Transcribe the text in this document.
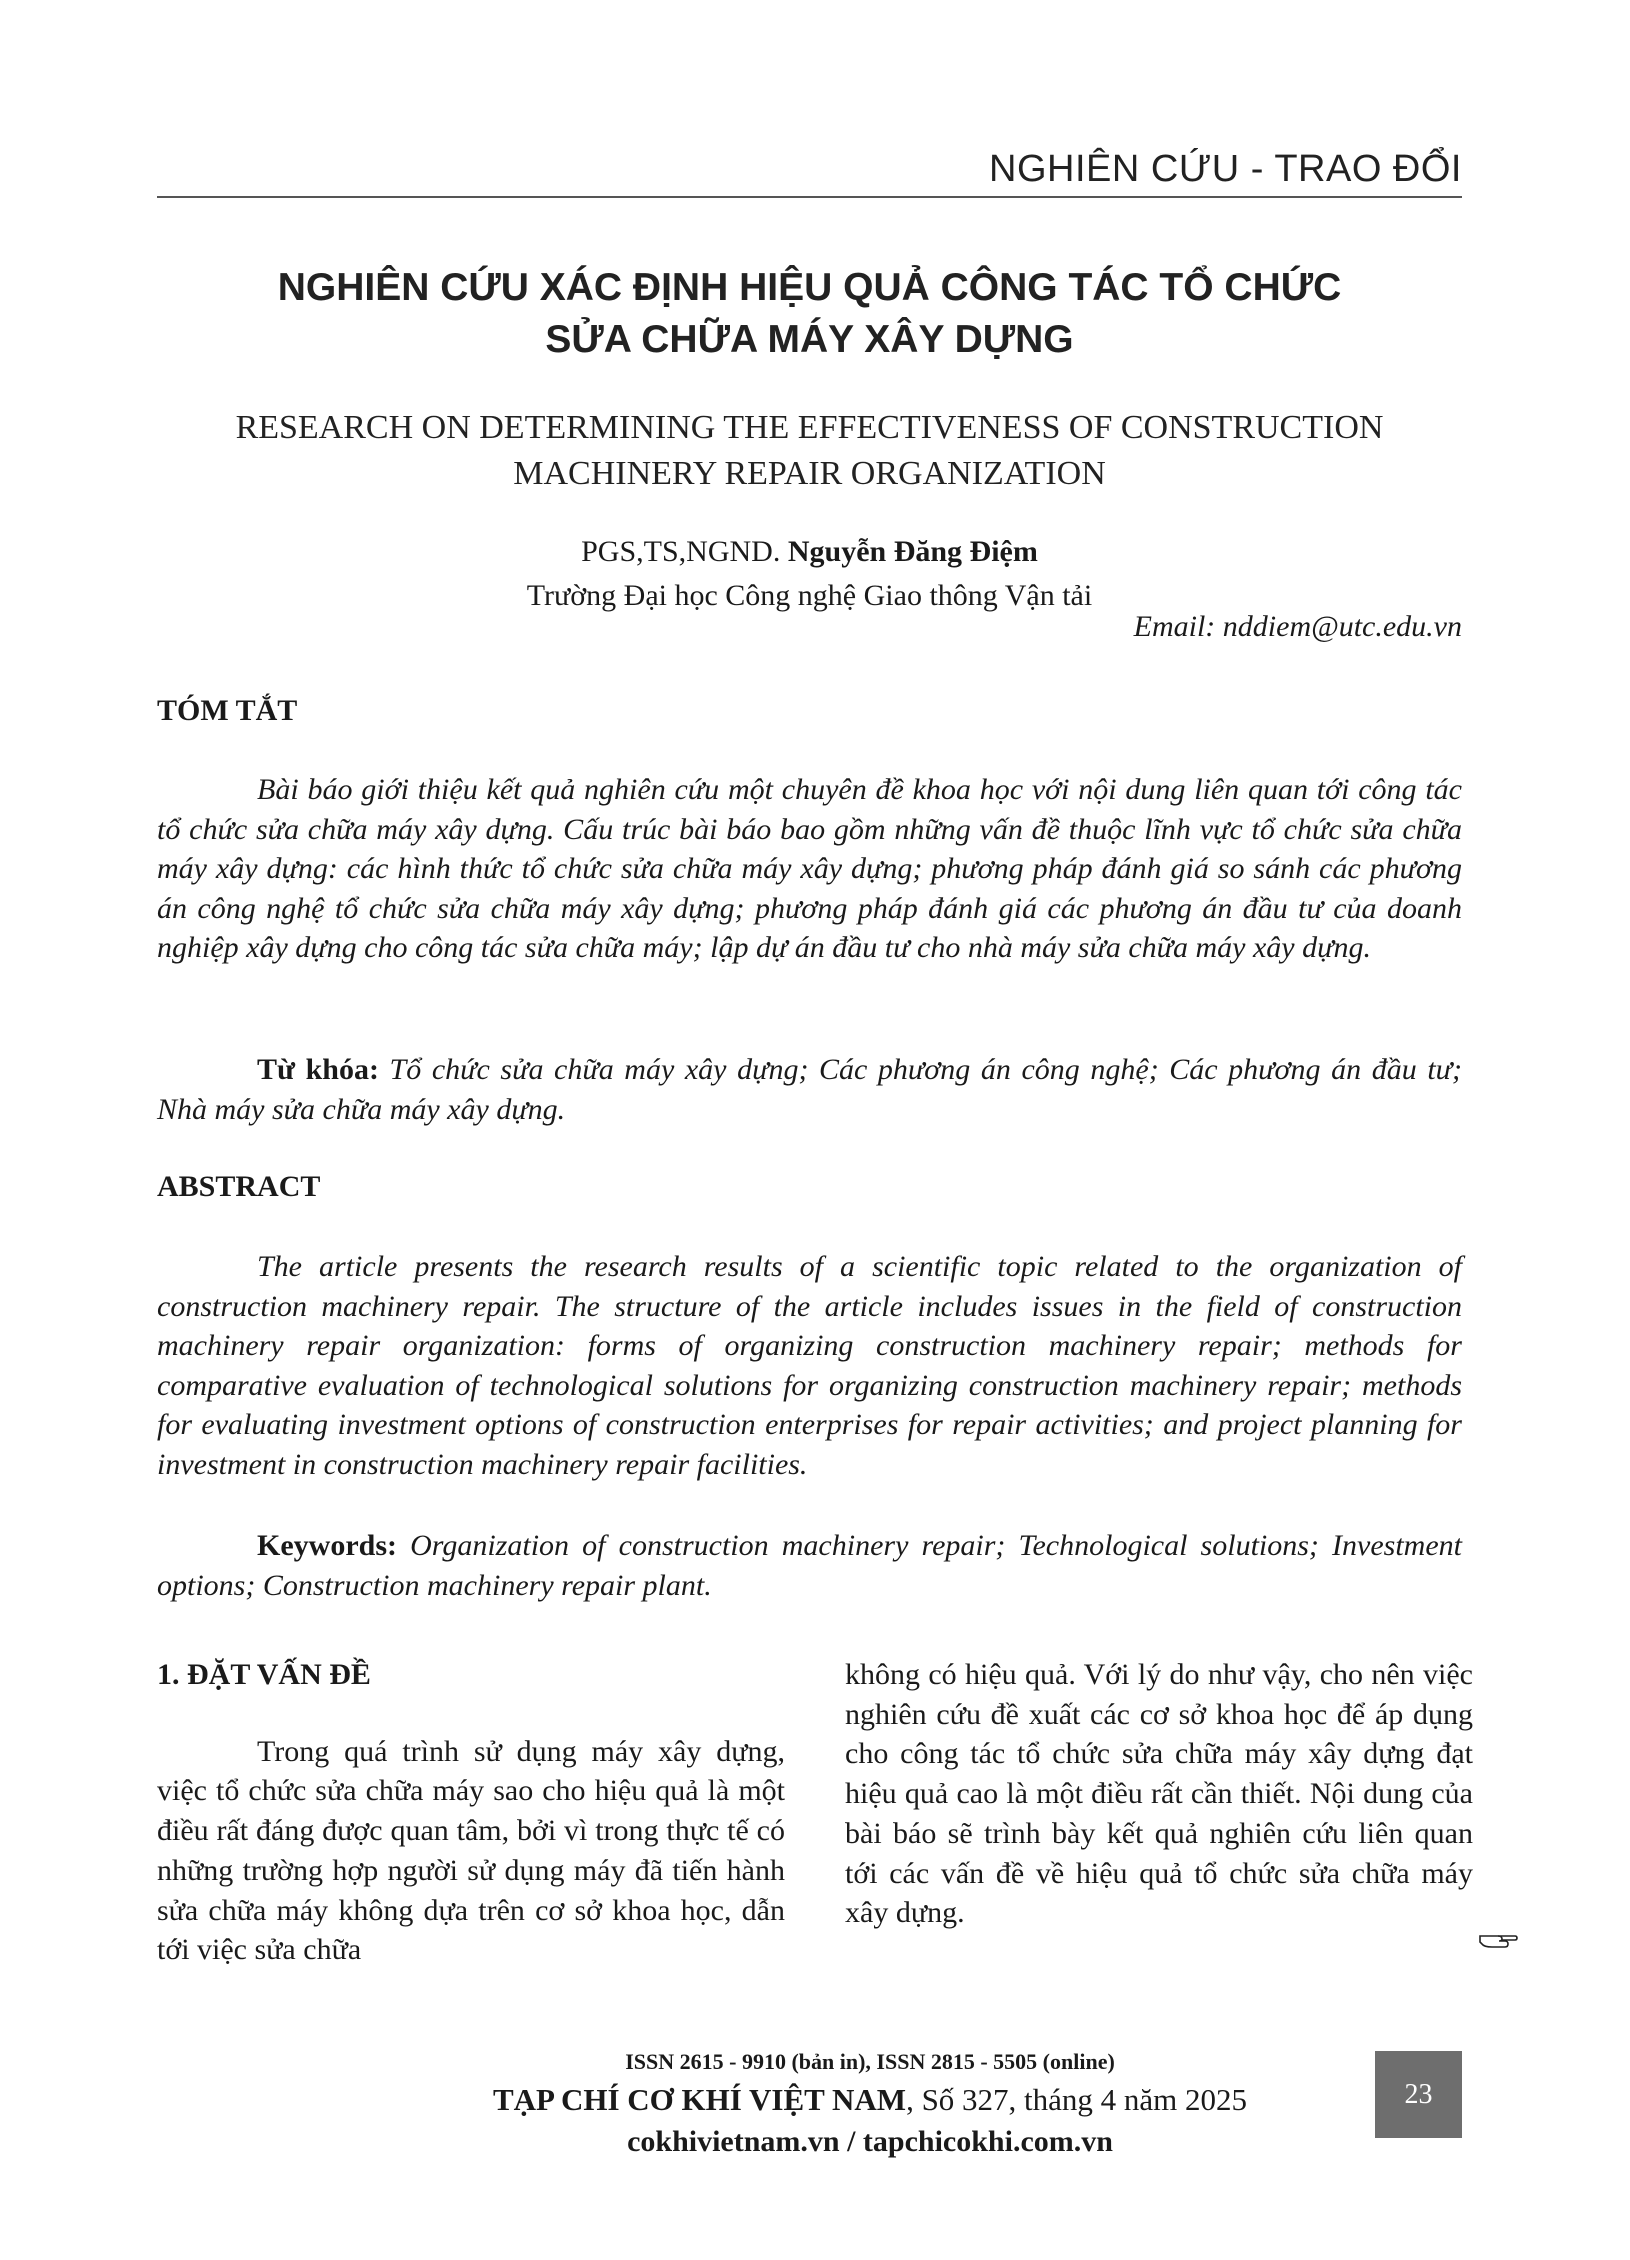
NGHIÊN CỨU - TRAO ĐỔI
NGHIÊN CỨU XÁC ĐỊNH HIỆU QUẢ CÔNG TÁC TỔ CHỨC
SỬA CHỮA MÁY XÂY DỰNG
RESEARCH ON DETERMINING THE EFFECTIVENESS OF CONSTRUCTION
MACHINERY REPAIR ORGANIZATION
PGS,TS,NGND. Nguyễn Đăng Điệm
Trường Đại học Công nghệ Giao thông Vận tải
Email: nddiem@utc.edu.vn
TÓM TẮT
Bài báo giới thiệu kết quả nghiên cứu một chuyên đề khoa học với nội dung liên quan tới công tác tổ chức sửa chữa máy xây dựng. Cấu trúc bài báo bao gồm những vấn đề thuộc lĩnh vực tổ chức sửa chữa máy xây dựng: các hình thức tổ chức sửa chữa máy xây dựng; phương pháp đánh giá so sánh các phương án công nghệ tổ chức sửa chữa máy xây dựng; phương pháp đánh giá các phương án đầu tư của doanh nghiệp xây dựng cho công tác sửa chữa máy; lập dự án đầu tư cho nhà máy sửa chữa máy xây dựng.
Từ khóa: Tổ chức sửa chữa máy xây dựng; Các phương án công nghệ; Các phương án đầu tư; Nhà máy sửa chữa máy xây dựng.
ABSTRACT
The article presents the research results of a scientific topic related to the organization of construction machinery repair. The structure of the article includes issues in the field of construction machinery repair organization: forms of organizing construction machinery repair; methods for comparative evaluation of technological solutions for organizing construction machinery repair; methods for evaluating investment options of construction enterprises for repair activities; and project planning for investment in construction machinery repair facilities.
Keywords: Organization of construction machinery repair; Technological solutions; Investment options; Construction machinery repair plant.
1. ĐẶT VẤN ĐỀ
Trong quá trình sử dụng máy xây dựng, việc tổ chức sửa chữa máy sao cho hiệu quả là một điều rất đáng được quan tâm, bởi vì trong thực tế có những trường hợp người sử dụng máy đã tiến hành sửa chữa máy không dựa trên cơ sở khoa học, dẫn tới việc sửa chữa
không có hiệu quả. Với lý do như vậy, cho nên việc nghiên cứu đề xuất các cơ sở khoa học để áp dụng cho công tác tổ chức sửa chữa máy xây dựng đạt hiệu quả cao là một điều rất cần thiết. Nội dung của bài báo sẽ trình bày kết quả nghiên cứu liên quan tới các vấn đề về hiệu quả tổ chức sửa chữa máy xây dựng.
ISSN 2615 - 9910 (bản in), ISSN 2815 - 5505 (online)
TẠP CHÍ CƠ KHÍ VIỆT NAM, Số 327, tháng 4 năm 2025
cokhivietnam.vn / tapchicokhi.com.vn
23
